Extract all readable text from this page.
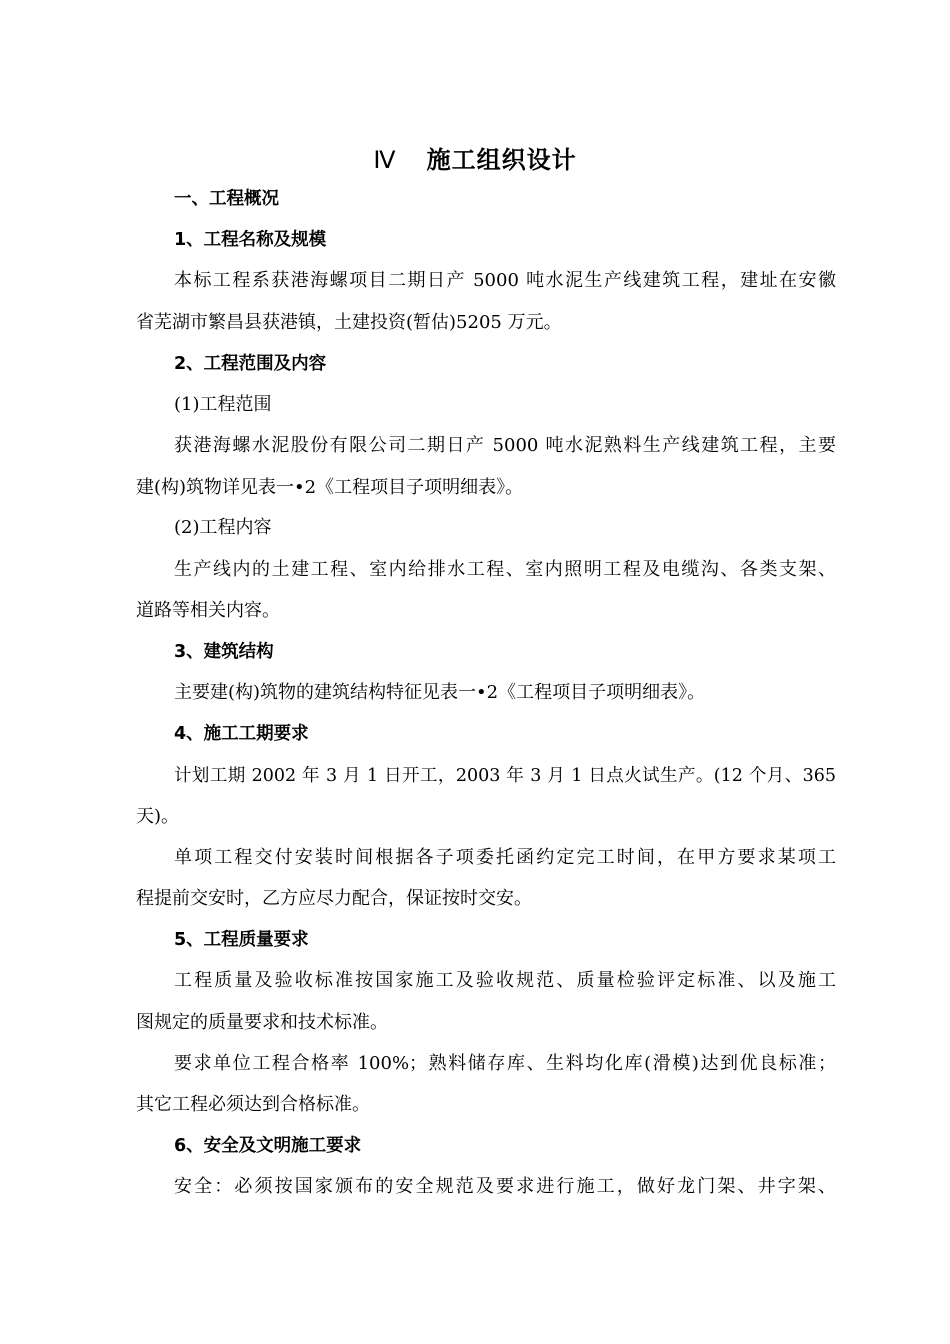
Ⅳ 施工组织设计
一、工程概况
1、工程名称及规模
本标工程系获港海螺项目二期日产 5000 吨水泥生产线建筑工程，建址在安徽
省芜湖市繁昌县获港镇，土建投资(暂估)5205 万元。
2、工程范围及内容
(1)工程范围
获港海螺水泥股份有限公司二期日产 5000 吨水泥熟料生产线建筑工程，主要
建(构)筑物详见表一•2《工程项目子项明细表》。
(2)工程内容
生产线内的土建工程、室内给排水工程、室内照明工程及电缆沟、各类支架、
道路等相关内容。
3、建筑结构
主要建(构)筑物的建筑结构特征见表一•2《工程项目子项明细表》。
4、施工工期要求
计划工期 2002 年 3 月 1 日开工，2003 年 3 月 1 日点火试生产。(12 个月、365
天)。
单项工程交付安装时间根据各子项委托函约定完工时间，在甲方要求某项工
程提前交安时，乙方应尽力配合，保证按时交安。
5、工程质量要求
工程质量及验收标准按国家施工及验收规范、质量检验评定标准、以及施工
图规定的质量要求和技术标准。
要求单位工程合格率 100%；熟料储存库、生料均化库(滑模)达到优良标准；
其它工程必须达到合格标准。
6、安全及文明施工要求
安全：必须按国家颁布的安全规范及要求进行施工，做好龙门架、井字架、
